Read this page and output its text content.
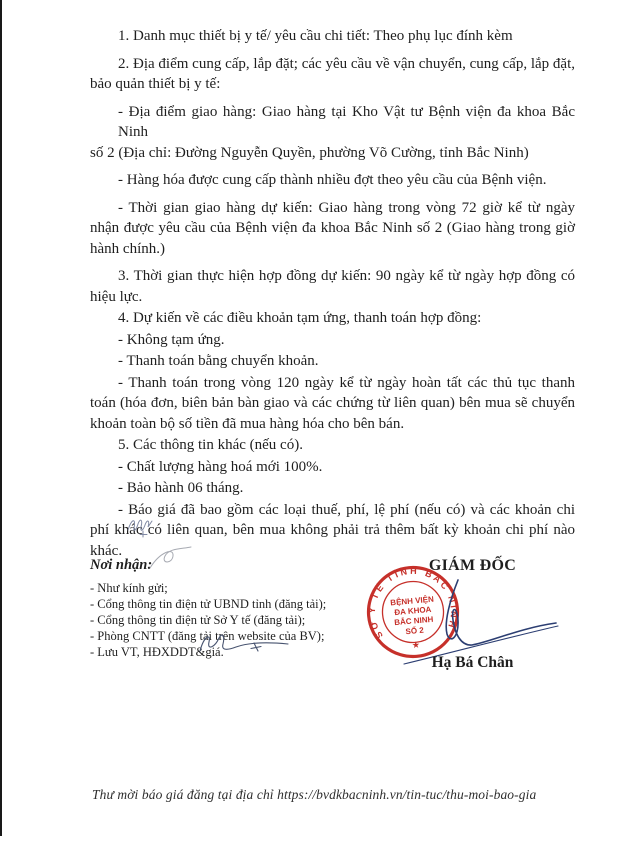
1. Danh mục thiết bị y tế/ yêu cầu chi tiết: Theo phụ lục đính kèm
2. Địa điểm cung cấp, lắp đặt; các yêu cầu về vận chuyển, cung cấp, lắp đặt,
bảo quản thiết bị y tế:
- Địa điểm giao hàng: Giao hàng tại Kho Vật tư Bệnh viện đa khoa Bắc Ninh
số 2 (Địa chỉ: Đường Nguyễn Quyền, phường Võ Cường, tỉnh Bắc Ninh)
- Hàng hóa được cung cấp thành nhiều đợt theo yêu cầu của Bệnh viện.
- Thời gian giao hàng dự kiến: Giao hàng trong vòng 72 giờ kể từ ngày
nhận được yêu cầu của Bệnh viện đa khoa Bắc Ninh số 2 (Giao hàng trong giờ
hành chính.)
3. Thời gian thực hiện hợp đồng dự kiến: 90 ngày kể từ ngày hợp đồng có
hiệu lực.
4. Dự kiến về các điều khoản tạm ứng, thanh toán hợp đồng:
- Không tạm ứng.
- Thanh toán bằng chuyển khoản.
- Thanh toán trong vòng 120 ngày kể từ ngày hoàn tất các thủ tục thanh
toán (hóa đơn, biên bản bàn giao và các chứng từ liên quan) bên mua sẽ chuyển
khoản toàn bộ số tiền đã mua hàng hóa cho bên bán.
5. Các thông tin khác (nếu có).
- Chất lượng hàng hoá mới 100%.
- Bảo hành 06 tháng.
- Báo giá đã bao gồm các loại thuế, phí, lệ phí (nếu có) và các khoản chi
phí khác có liên quan, bên mua không phải trả thêm bất kỳ khoản chi phí nào
khác.
Nơi nhận:
- Như kính gửi;
- Cổng thông tin điện tử UBND tỉnh (đăng tải);
- Cổng thông tin điện tử Sở Y tế (đăng tải);
- Phòng CNTT (đăng tải trên website của BV);
- Lưu VT, HĐXDDT&giá.
GIÁM ĐỐC
SỞ Y TẾ TỈNH BẮC NINH
BỆNH VIỆN
ĐA KHOA
BẮC NINH
SỐ 2
★
Hạ Bá Chân
Thư mời báo giá đăng tại địa chỉ https://bvdkbacninh.vn/tin-tuc/thu-moi-bao-gia
